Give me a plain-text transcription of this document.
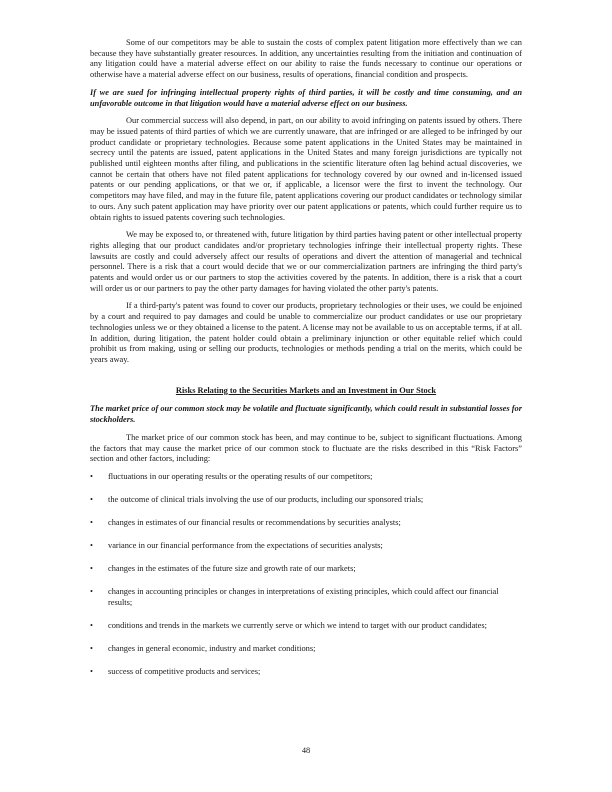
Some of our competitors may be able to sustain the costs of complex patent litigation more effectively than we can because they have substantially greater resources. In addition, any uncertainties resulting from the initiation and continuation of any litigation could have a material adverse effect on our ability to raise the funds necessary to continue our operations or otherwise have a material adverse effect on our business, results of operations, financial condition and prospects.

If we are sued for infringing intellectual property rights of third parties, it will be costly and time consuming, and an unfavorable outcome in that litigation would have a material adverse effect on our business.

Our commercial success will also depend, in part, on our ability to avoid infringing on patents issued by others. There may be issued patents of third parties of which we are currently unaware, that are infringed or are alleged to be infringed by our product candidate or proprietary technologies. Because some patent applications in the United States may be maintained in secrecy until the patents are issued, patent applications in the United States and many foreign jurisdictions are typically not published until eighteen months after filing, and publications in the scientific literature often lag behind actual discoveries, we cannot be certain that others have not filed patent applications for technology covered by our owned and in-licensed issued patents or our pending applications, or that we or, if applicable, a licensor were the first to invent the technology. Our competitors may have filed, and may in the future file, patent applications covering our product candidates or technology similar to ours. Any such patent application may have priority over our patent applications or patents, which could further require us to obtain rights to issued patents covering such technologies.

We may be exposed to, or threatened with, future litigation by third parties having patent or other intellectual property rights alleging that our product candidates and/or proprietary technologies infringe their intellectual property rights. These lawsuits are costly and could adversely affect our results of operations and divert the attention of managerial and technical personnel. There is a risk that a court would decide that we or our commercialization partners are infringing the third party's patents and would order us or our partners to stop the activities covered by the patents. In addition, there is a risk that a court will order us or our partners to pay the other party damages for having violated the other party's patents.

If a third-party's patent was found to cover our products, proprietary technologies or their uses, we could be enjoined by a court and required to pay damages and could be unable to commercialize our product candidates or use our proprietary technologies unless we or they obtained a license to the patent. A license may not be available to us on acceptable terms, if at all. In addition, during litigation, the patent holder could obtain a preliminary injunction or other equitable relief which could prohibit us from making, using or selling our products, technologies or methods pending a trial on the merits, which could be years away.

Risks Relating to the Securities Markets and an Investment in Our Stock

The market price of our common stock may be volatile and fluctuate significantly, which could result in substantial losses for stockholders.

The market price of our common stock has been, and may continue to be, subject to significant fluctuations. Among the factors that may cause the market price of our common stock to fluctuate are the risks described in this “Risk Factors” section and other factors, including:

• fluctuations in our operating results or the operating results of our competitors;
• the outcome of clinical trials involving the use of our products, including our sponsored trials;
• changes in estimates of our financial results or recommendations by securities analysts;
• variance in our financial performance from the expectations of securities analysts;
• changes in the estimates of the future size and growth rate of our markets;
• changes in accounting principles or changes in interpretations of existing principles, which could affect our financial results;
• conditions and trends in the markets we currently serve or which we intend to target with our product candidates;
• changes in general economic, industry and market conditions;
• success of competitive products and services;
48
